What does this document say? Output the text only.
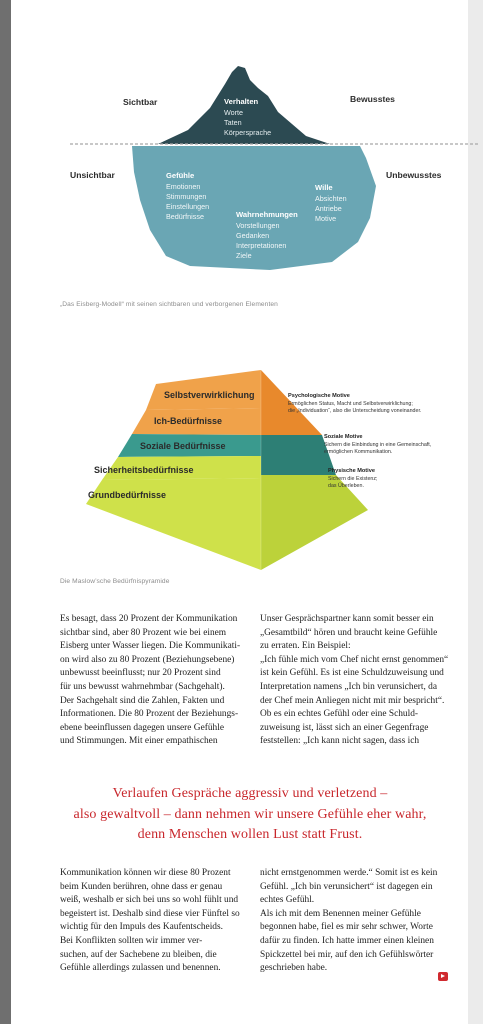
Sichtbar	Bewusstes
Unsichtbar	Unbewusstes
Verhalten
Worte
Taten
Körpersprache
Gefühle
Emotionen
Stimmungen
Einstellungen
Bedürfnisse
Wille
Absichten
Antriebe
Motive
Wahrnehmungen
Vorstellungen
Gedanken
Interpretationen
Ziele
„Das Eisberg-Modell“ mit seinen sichtbaren und verborgenen Elementen
Selbstverwirklichung
Ich-Bedürfnisse
Soziale Bedürfnisse
Sicherheitsbedürfnisse
Grundbedürfnisse
Psychologische Motive
Ermöglichen Status, Macht und Selbstverwirklichung;
die „Individuation“, also die Unterscheidung voneinander.
Soziale Motive
Sichern die Einbindung in eine Gemeinschaft,
ermöglichen Kommunikation.
Physische Motive
Sichern die Existenz;
das Überleben.
Die Maslow’sche Bedürfnispyramide
Es besagt, dass 20 Prozent der Kommunikation
sichtbar sind, aber 80 Prozent wie bei einem
Eisberg unter Wasser liegen. Die Kommunikati-
on wird also zu 80 Prozent (Beziehungsebene)
unbewusst beeinflusst; nur 20 Prozent sind
für uns bewusst wahrnehmbar (Sachgehalt).
Der Sachgehalt sind die Zahlen, Fakten und
Informationen. Die 80 Prozent der Beziehungs-
ebene beeinflussen dagegen unsere Gefühle
und Stimmungen. Mit einer empathischen
Unser Gesprächspartner kann somit besser ein
„Gesamtbild“ hören und braucht keine Gefühle
zu erraten. Ein Beispiel:
„Ich fühle mich vom Chef nicht ernst genommen“
ist kein Gefühl. Es ist eine Schuldzuweisung und
Interpretation namens „Ich bin verunsichert, da
der Chef mein Anliegen nicht mit mir bespricht“.
Ob es ein echtes Gefühl oder eine Schuld-
zuweisung ist, lässt sich an einer Gegenfrage
feststellen: „Ich kann nicht sagen, dass ich
Verlaufen Gespräche aggressiv und verletzend –
also gewaltvoll – dann nehmen wir unsere Gefühle eher wahr,
denn Menschen wollen Lust statt Frust.
Kommunikation können wir diese 80 Prozent
beim Kunden berühren, ohne dass er genau
weiß, weshalb er sich bei uns so wohl fühlt und
begeistert ist. Deshalb sind diese vier Fünftel so
wichtig für den Impuls des Kaufentscheids.
Bei Konflikten sollten wir immer ver-
suchen, auf der Sachebene zu bleiben, die
Gefühle allerdings zulassen und benennen.
nicht ernstgenommen werde.“ Somit ist es kein
Gefühl. „Ich bin verunsichert“ ist dagegen ein
echtes Gefühl.
Als ich mit dem Benennen meiner Gefühle
begonnen habe, fiel es mir sehr schwer, Worte
dafür zu finden. Ich hatte immer einen kleinen
Spickzettel bei mir, auf den ich Gefühlswörter
geschrieben habe.
